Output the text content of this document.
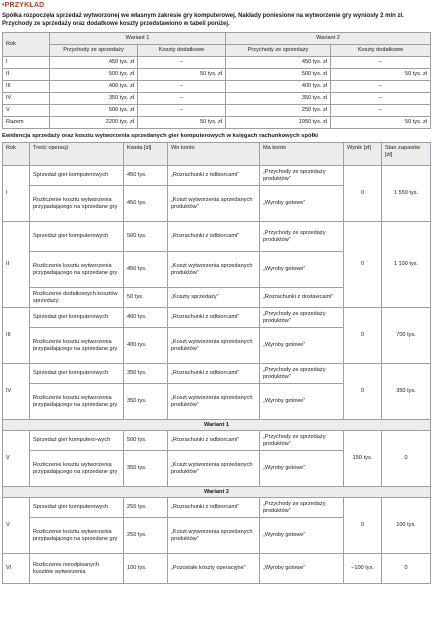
•PRZYKŁAD
Spółka rozpoczęła sprzedaż wytworzonej we własnym zakresie gry komputerowej. Nakłady poniesione na wytworzenie gry wyniosły 2 mln zł. Przychody ze sprzedaży oraz dodatkowe koszty przedstawiono w tabeli poniżej.
Rok	Wariant 1		Wariant 2	
	Przychody ze sprzedaży	Koszty dodatkowe	Przychody ze sprzedaży	Koszty dodatkowe
I	450 tys. zł	–	450 tys. zł	–
II	500 tys. zł	50 tys. zł	500 tys. zł	50 tys. zł
III	400 tys. zł	–	400 tys. zł	–
IV	350 tys. zł	–	350 tys. zł	–
V	500 tys. zł	–	250 tys. zł	–
Razem	2200 tys. zł	50 tys. zł	1950 tys. zł	50 tys. zł
Ewidencja sprzedaży oraz kosztu wytworzenia sprzedanych gier komputerowych w księgach rachunkowych spółki
Rok	Treść operacji	Kwota [zł]	Wn konto	Ma konto	Wynik [zł]	Stan zapasów [zł]
I	Sprzedaż gier komputerowych	450 tys.	„Rozrachunki z odbiorcami”	„Przychody ze sprzedaży produktów”	0	1 550 tys.
	Rozliczenie kosztu wytworzenia przypadającego na sprzedane gry	450 tys.	„Koszt wytworzenia sprzedanych produktów”	„Wyroby gotowe”		
II	Sprzedaż gier komputerowych	500 tys.	„Rozrachunki z odbiorcami”	„Przychody ze sprzedaży produktów”	0	1 100 tys.
	Rozliczenie kosztu wytworzenia przypadającego na sprzedane gry	450 tys.	„Koszt wytworzenia sprzedanych produktów”	„Wyroby gotowe”		
	Rozliczenie dodatkowych kosztów sprzedaży	50 tys.	„Koszty sprzedaży”	„Rozrachunki z dostawcami”		
III	Sprzedaż gier komputerowych	400 tys.	„Rozrachunki z odbiorcami”	„Przychody ze sprzedaży produktów”	0	700 tys.
	Rozliczenie kosztu wytworzenia przypadającego na sprzedane gry	400 tys.	„Koszt wytworzenia sprzedanych produktów”	„Wyroby gotowe”		
IV	Sprzedaż gier komputerowych	350 tys.	„Rozrachunki z odbiorcami”	„Przychody ze sprzedaży produktów”	0	350 tys.
	Rozliczenie kosztu wytworzenia przypadającego na sprzedane gry	350 tys.	„Koszt wytworzenia sprzedanych produktów”	„Wyroby gotowe”		
Wariant 1						
V	Sprzedaż gier komputero-wych	500 tys.	„Rozrachunki z odbiorcami”	„Przychody ze sprzedaży produktów”	150 tys.	0
	Rozliczenie kosztu wytworzenia przypadającego na sprzedane gry	350 tys.	„Koszt wytworzenia sprzedanych produktów”	„Wyroby gotowe”		
Wariant 2						
V	Sprzedaż gier komputerowych	250 tys.	„Rozrachunki z odbiorcami”	„Przychody ze sprzedaży produktów”	0	100 tys.
	Rozliczenie kosztu wytworzenia przypadającego na sprzedane gry	250 tys.	„Koszt wytworzenia sprzedanych produktów”	„Wyroby gotowe”		
VI	Rozliczenie nieodpisanych kosztów wytworzenia	100 tys.	„Pozostałe koszty operacyjne”	„Wyroby gotowe”	−100 tys.	0
